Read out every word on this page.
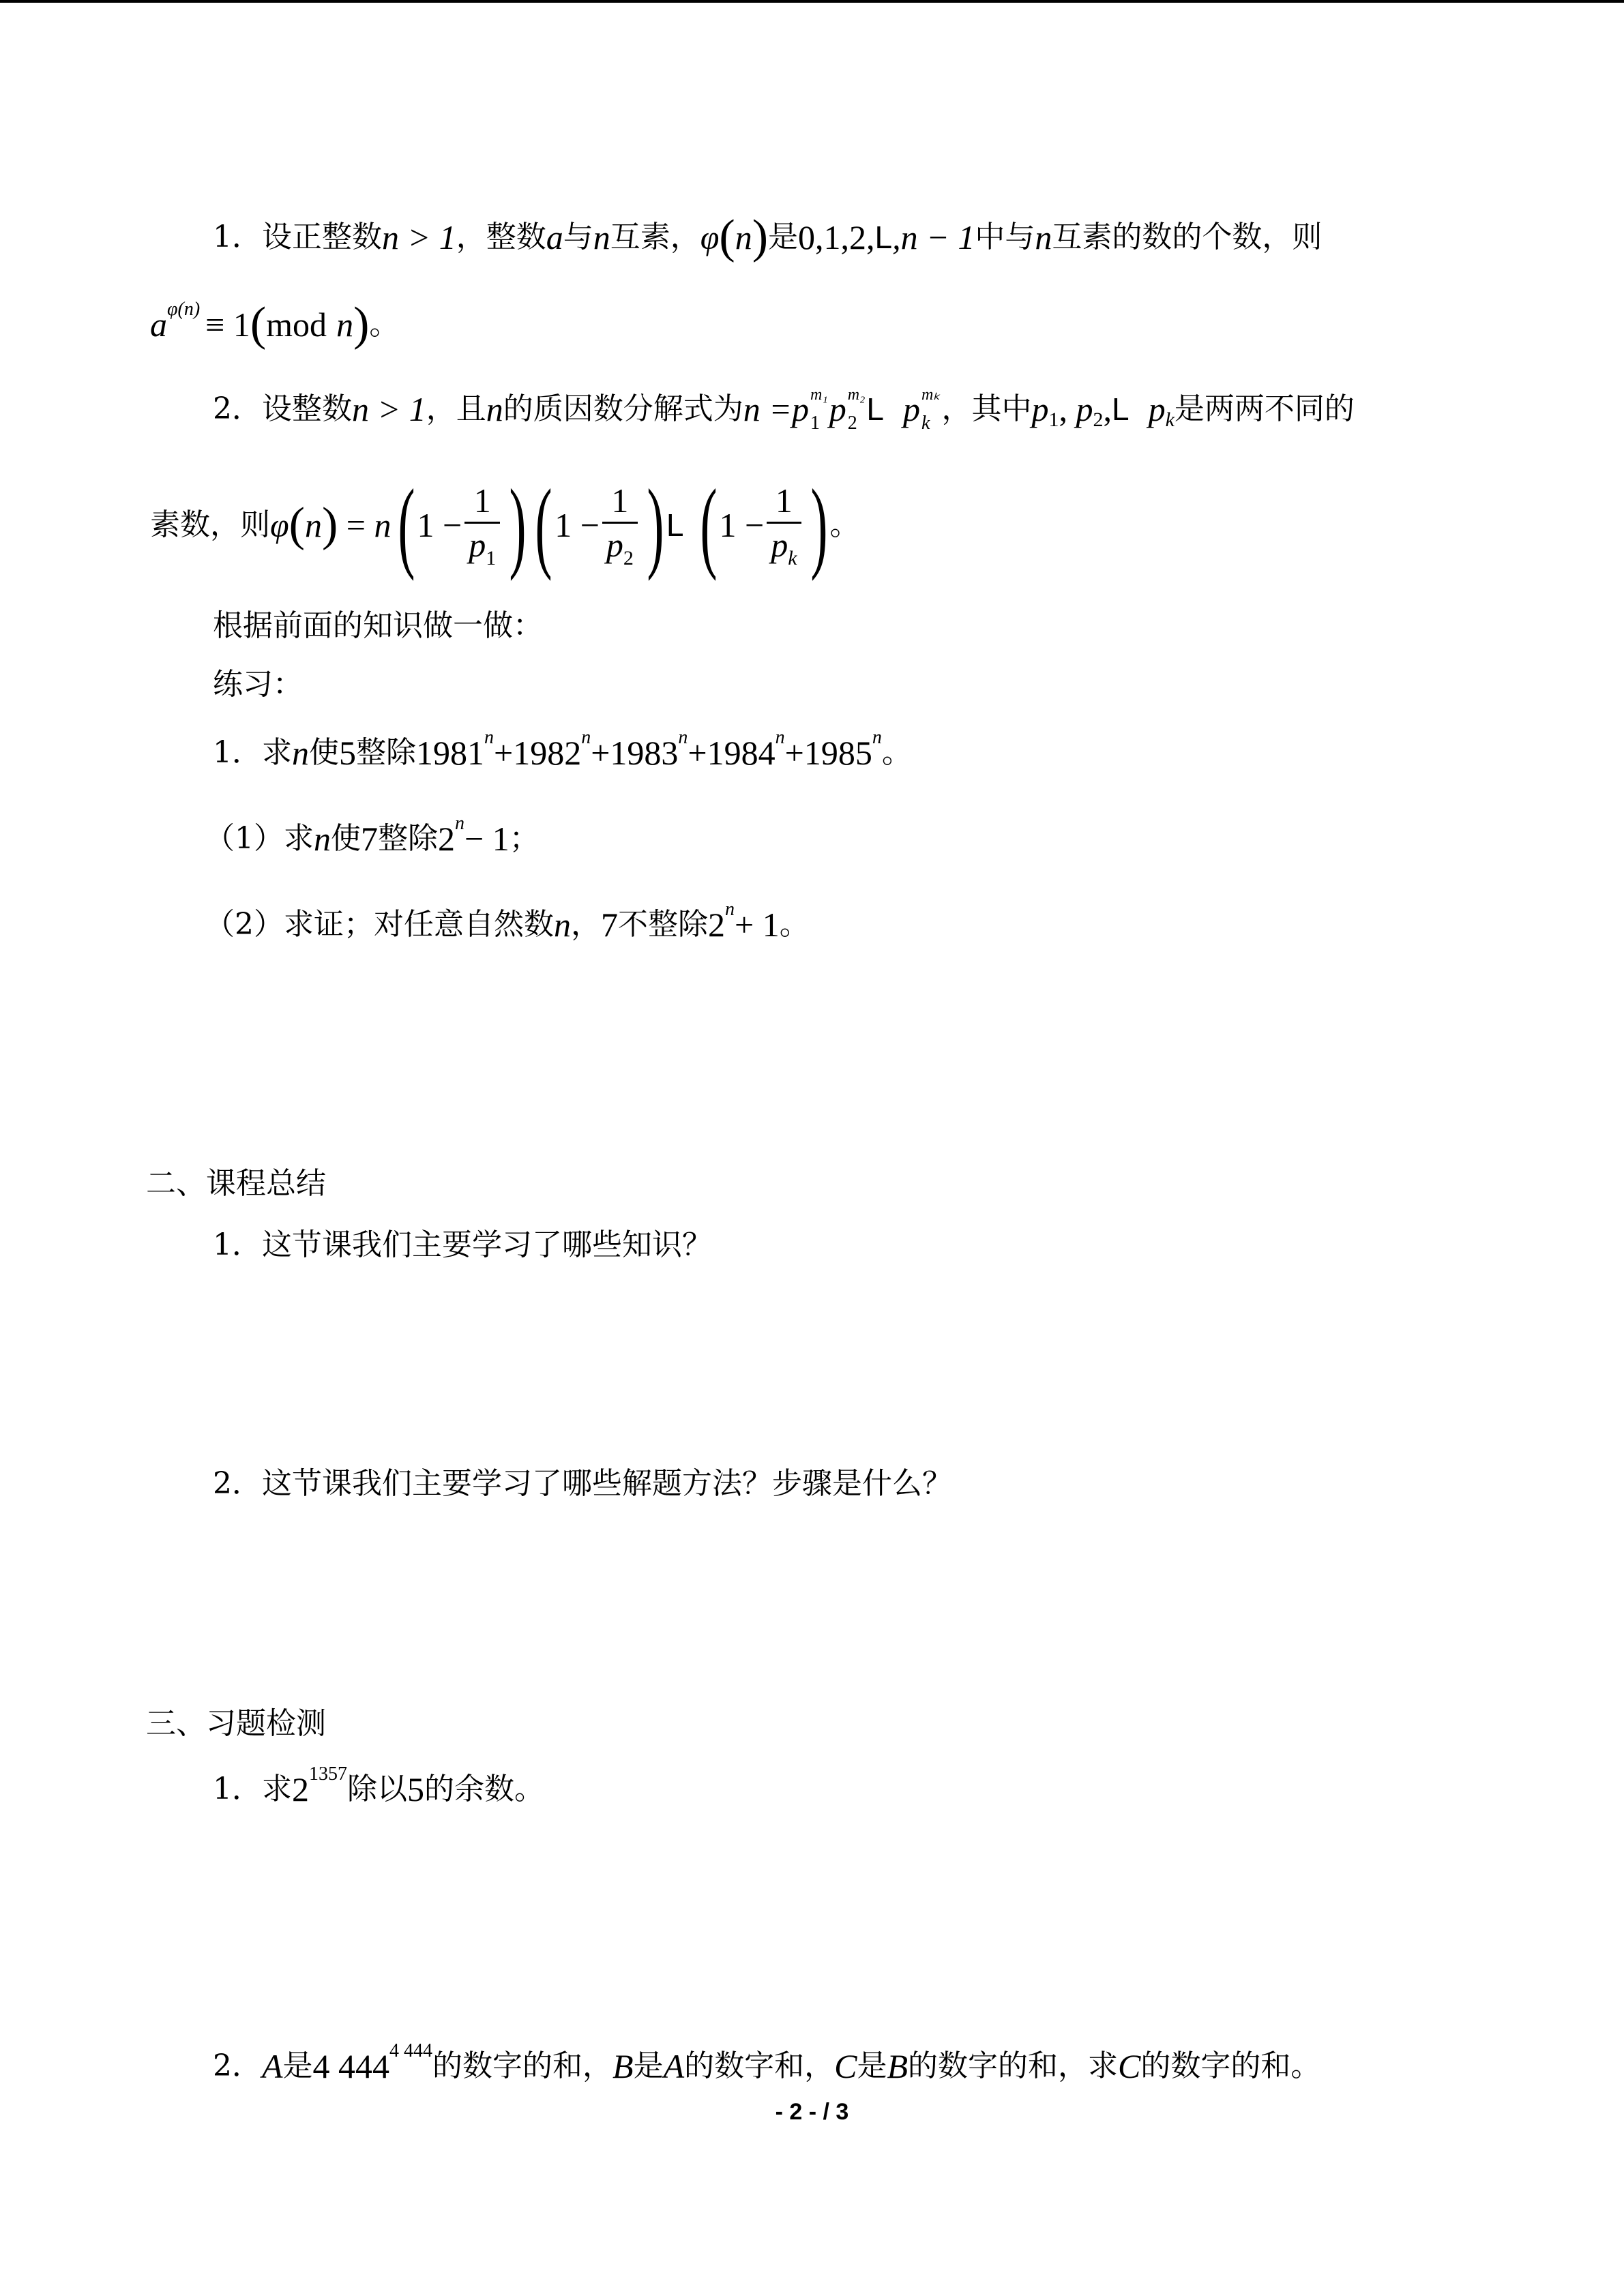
1．设正整数 n > 1 ，整数 a 与 n 互素， φ ( n ) 是 0,1,2, L ,n − 1 中与 n 互素的数的个数，则
a φ(n) ≡ 1 ( mod
n ) 。
2．设整数 n > 1 ，且 n 的质因数分解式为 n = p m₁
1 p m₂
2 L
p mₖ
k ，其中 p 1 , p 2 , L
p k 是两两不同的
素数，则 φ ( n ) = n ( $1 - \frac{1}{p_1}$ ) ( $1 - \frac{1}{p_2}$ ) L
( $1 - \frac{1}{p_k}$ ) 。
根据前面的知识做一做：
练习：
1．求 n 使 5 整除 1981 n + 1982 n + 1983 n + 1984 n + 1985 n 。
（1）求 n 使 7 整除 2 n − 1 ；
（2）求证；对任意自然数 n ， 7 不整除 2 n + 1 。
二、课程总结
1．这节课我们主要学习了哪些知识？
2．这节课我们主要学习了哪些解题方法？步骤是什么？
三、习题检测
1．求 2 1357 除以 5 的余数。
2． A 是 4 444 4 444 的数字的和， B 是 A 的数字和， C 是 B 的数字的和，求 C 的数字的和。
- 2 - / 3
